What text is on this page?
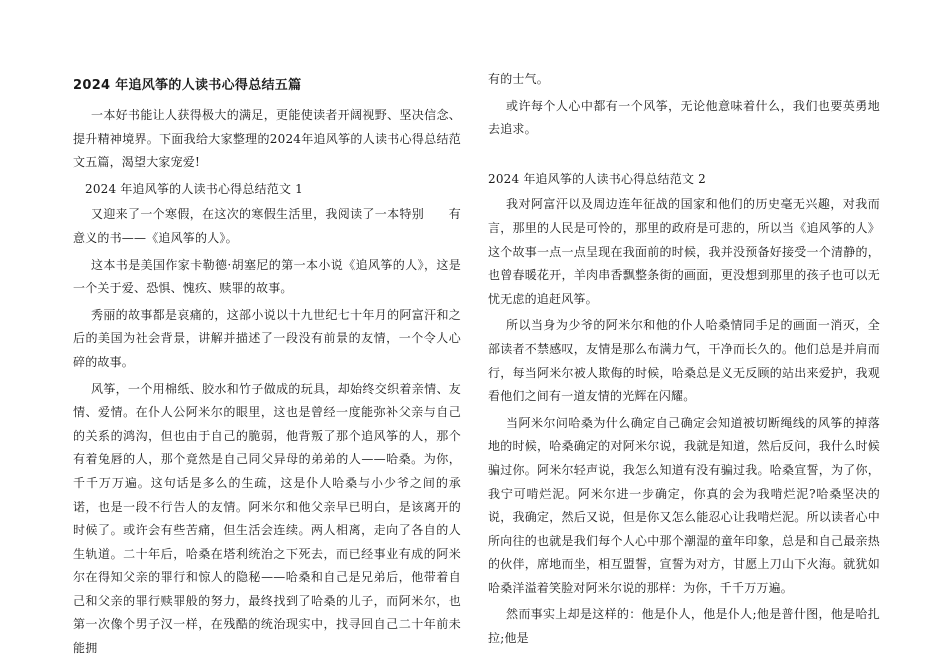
2024 年追风筝的人读书心得总结五篇

一本好书能让人获得极大的满足，更能使读者开阔视野、坚决信念、提升精神境界。下面我给大家整理的2024年追风筝的人读书心得总结范文五篇，渴望大家宠爱!

2024 年追风筝的人读书心得总结范文 1

又迎来了一个寒假，在这次的寒假生活里，我阅读了一本特别　　有意义的书——《追风筝的人》。

这本书是美国作家卡勒德·胡塞尼的第一本小说《追风筝的人》，这是一个关于爱、恐惧、愧疚、赎罪的故事。

秀丽的故事都是哀痛的，这部小说以十九世纪七十年月的阿富汗和之后的美国为社会背景，讲解并描述了一段没有前景的友情，一个令人心碎的故事。

风筝，一个用棉纸、胶水和竹子做成的玩具，却始终交织着亲情、友情、爱情。在仆人公阿米尔的眼里，这也是曾经一度能弥补父亲与自己的关系的鸿沟，但也由于自己的脆弱，他背叛了那个追风筝的人，那个有着兔唇的人，那个竟然是自己同父异母的弟弟的人——哈桑。为你，千千万万遍。这句话是多么的生疏，这是仆人哈桑与小少爷之间的承诺，也是一段不行告人的友情。阿米尔和他父亲早已明白，是该离开的时候了。或许会有些苦痛，但生活会连续。两人相离，走向了各自的人生轨道。二十年后，哈桑在塔利统治之下死去，而已经事业有成的阿米尔在得知父亲的罪行和惊人的隐秘——哈桑和自己是兄弟后，他带着自己和父亲的罪行赎罪般的努力，最终找到了哈桑的儿子，而阿米尔，也第一次像个男子汉一样，在残酷的统治现实中，找寻回自己二十年前未能拥

有的士气。

或许每个人心中都有一个风筝，无论他意味着什么，我们也要英勇地去追求。

2024 年追风筝的人读书心得总结范文 2

我对阿富汗以及周边连年征战的国家和他们的历史毫无兴趣，对我而言，那里的人民是可怜的，那里的政府是可悲的，所以当《追风筝的人》这个故事一点一点呈现在我面前的时候，我并没预备好接受一个清静的，也曾春暖花开，羊肉串香飘整条街的画面，更没想到那里的孩子也可以无忧无虑的追赶风筝。

所以当身为少爷的阿米尔和他的仆人哈桑情同手足的画面一消灭，全部读者不禁感叹，友情是那么布满力气，干净而长久的。他们总是并肩而行，每当阿米尔被人欺侮的时候，哈桑总是义无反顾的站出来爱护，我观看他们之间有一道友情的光辉在闪耀。

当阿米尔问哈桑为什么确定自己确定会知道被切断绳线的风筝的掉落地的时候，哈桑确定的对阿米尔说，我就是知道，然后反问，我什么时候骗过你。阿米尔轻声说，我怎么知道有没有骗过我。哈桑宣誓，为了你，我宁可啃烂泥。阿米尔进一步确定，你真的会为我啃烂泥?哈桑坚决的说，我确定，然后又说，但是你又怎么能忍心让我啃烂泥。所以读者心中所向往的也就是我们每个人心中那个潮湿的童年印象，总是和自己最亲热的伙伴，席地而坐，相互盟誓，宣誓为对方，甘愿上刀山下火海。就犹如哈桑洋溢着笑脸对阿米尔说的那样：为你，千千万万遍。

然而事实上却是这样的：他是仆人，他是仆人;他是普什图，他是哈扎拉;他是
